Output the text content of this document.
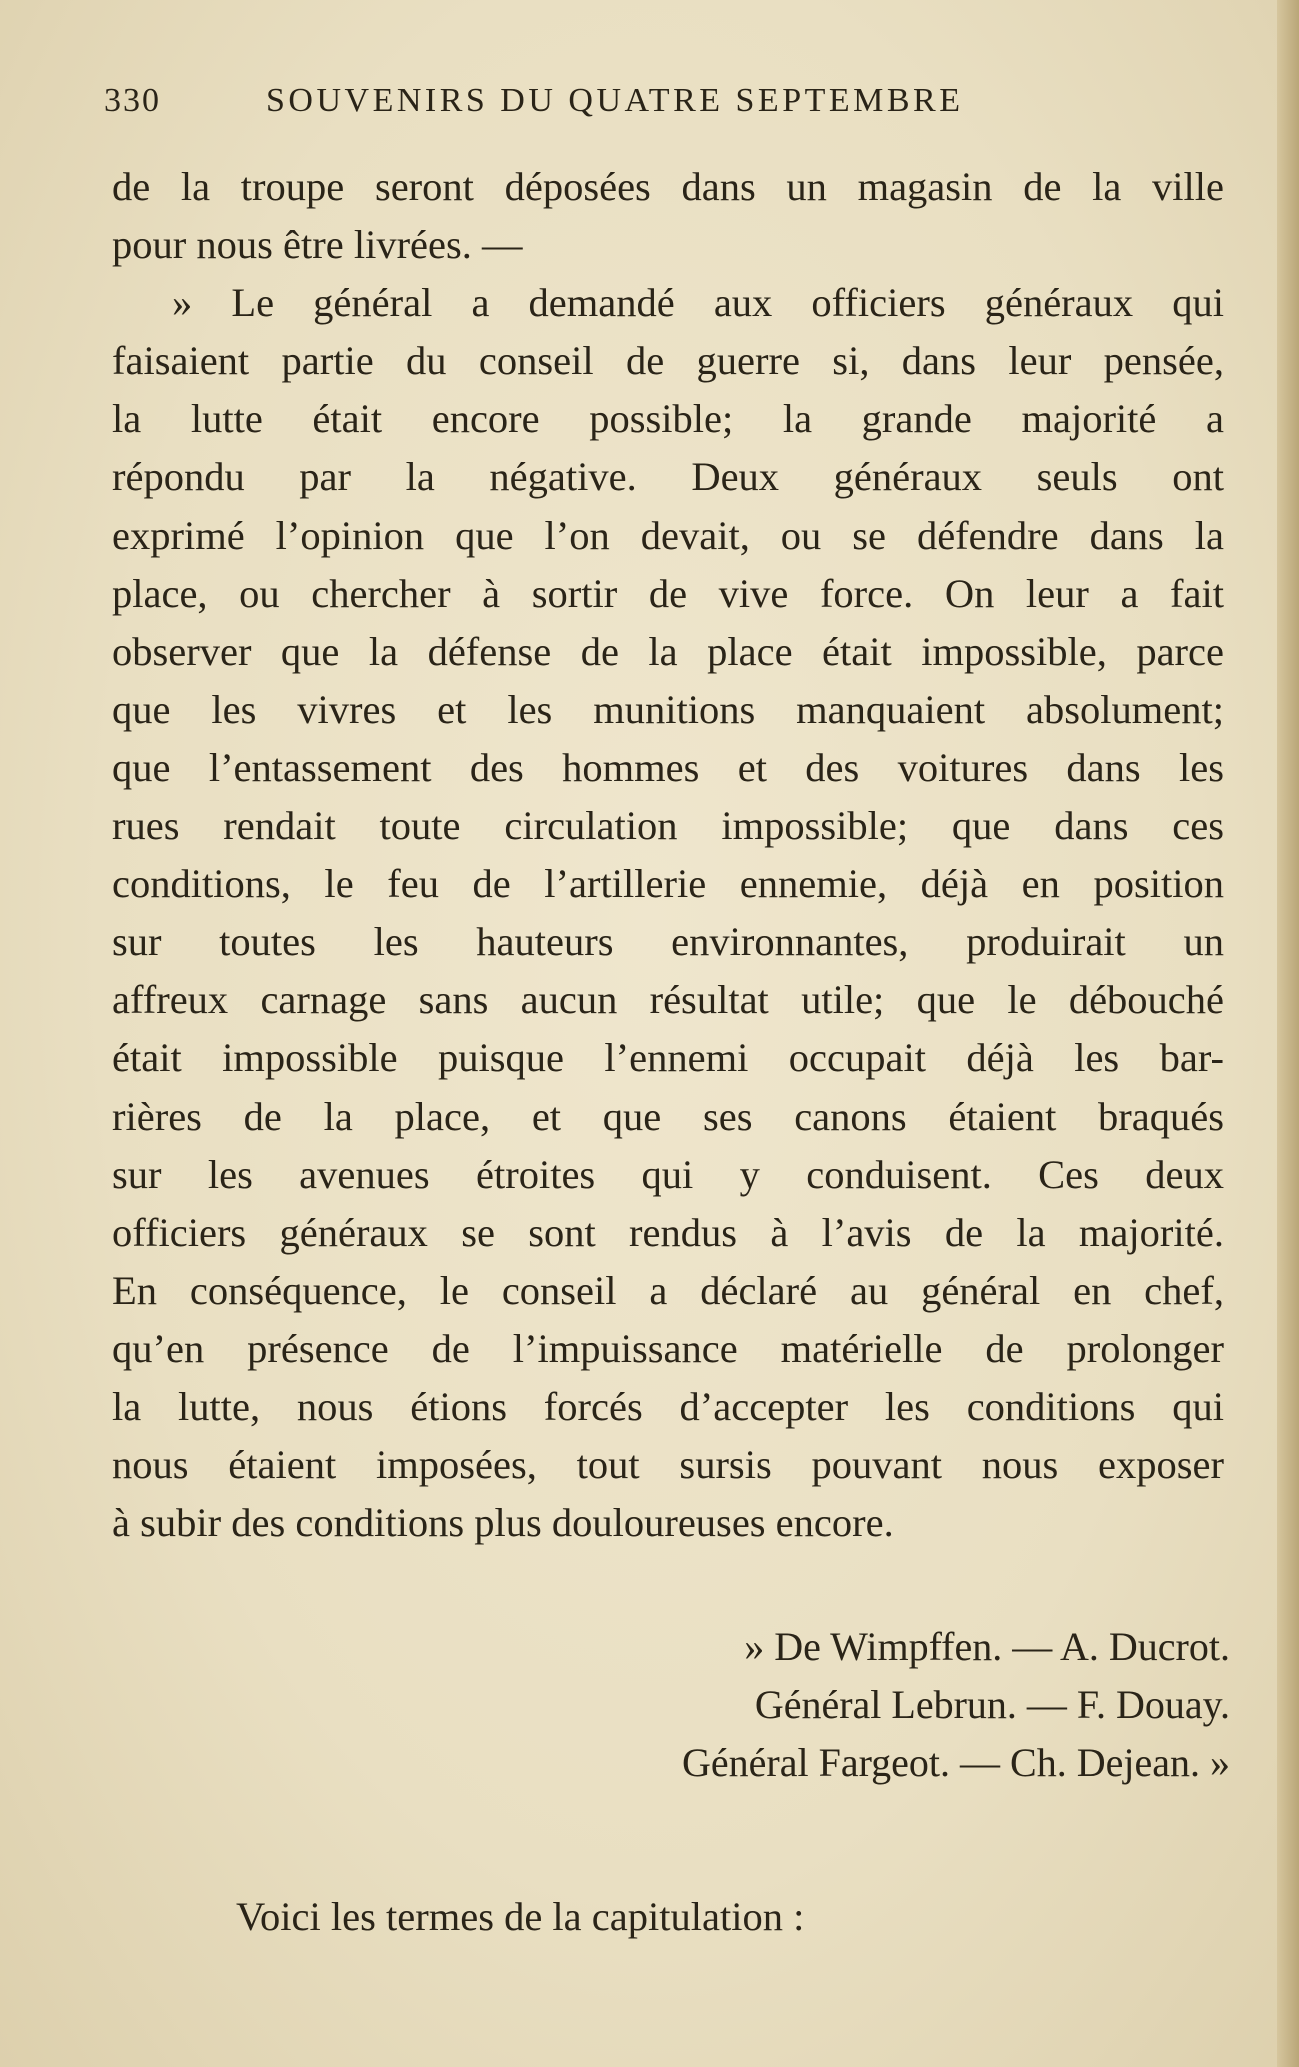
330	SOUVENIRS DU QUATRE SEPTEMBRE
de la troupe seront déposées dans un magasin de la ville
pour nous être livrées. —
» Le général a demandé aux officiers généraux qui
faisaient partie du conseil de guerre si, dans leur pensée,
la lutte était encore possible; la grande majorité a
répondu par la négative. Deux généraux seuls ont
exprimé l’opinion que l’on devait, ou se défendre dans la
place, ou chercher à sortir de vive force. On leur a fait
observer que la défense de la place était impossible, parce
que les vivres et les munitions manquaient absolument;
que l’entassement des hommes et des voitures dans les
rues rendait toute circulation impossible; que dans ces
conditions, le feu de l’artillerie ennemie, déjà en position
sur toutes les hauteurs environnantes, produirait un
affreux carnage sans aucun résultat utile; que le débouché
était impossible puisque l’ennemi occupait déjà les bar-
rières de la place, et que ses canons étaient braqués
sur les avenues étroites qui y conduisent. Ces deux
officiers généraux se sont rendus à l’avis de la majorité.
En conséquence, le conseil a déclaré au général en chef,
qu’en présence de l’impuissance matérielle de prolonger
la lutte, nous étions forcés d’accepter les conditions qui
nous étaient imposées, tout sursis pouvant nous exposer
à subir des conditions plus douloureuses encore.
» De Wimpffen. — A. Ducrot.
Général Lebrun. — F. Douay.
Général Fargeot. — Ch. Dejean. »
Voici les termes de la capitulation :
